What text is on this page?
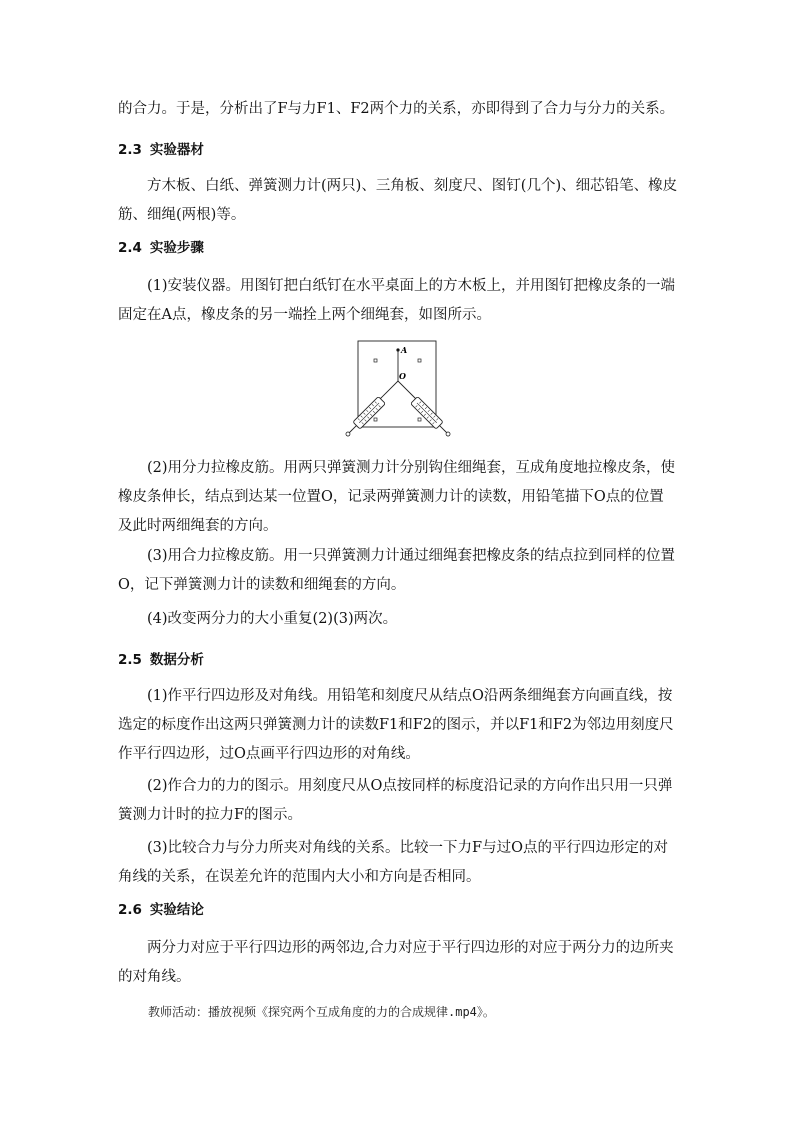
的合力。于是，分析出了F与力F1、F2两个力的关系，亦即得到了合力与分力的关系。

2.3 实验器材

方木板、白纸、弹簧测力计(两只)、三角板、刻度尺、图钉(几个)、细芯铅笔、橡皮筋、细绳(两根)等。

2.4 实验步骤

(1)安装仪器。用图钉把白纸钉在水平桌面上的方木板上，并用图钉把橡皮条的一端固定在A点，橡皮条的另一端拴上两个细绳套，如图所示。

A
O

(2)用分力拉橡皮筋。用两只弹簧测力计分别钩住细绳套，互成角度地拉橡皮条，使橡皮条伸长，结点到达某一位置O，记录两弹簧测力计的读数，用铅笔描下O点的位置及此时两细绳套的方向。

(3)用合力拉橡皮筋。用一只弹簧测力计通过细绳套把橡皮条的结点拉到同样的位置O，记下弹簧测力计的读数和细绳套的方向。

(4)改变两分力的大小重复(2)(3)两次。

2.5 数据分析

(1)作平行四边形及对角线。用铅笔和刻度尺从结点O沿两条细绳套方向画直线，按选定的标度作出这两只弹簧测力计的读数F1和F2的图示，并以F1和F2为邻边用刻度尺作平行四边形，过O点画平行四边形的对角线。

(2)作合力的力的图示。用刻度尺从O点按同样的标度沿记录的方向作出只用一只弹簧测力计时的拉力F的图示。

(3)比较合力与分力所夹对角线的关系。比较一下力F与过O点的平行四边形定的对角线的关系，在误差允许的范围内大小和方向是否相同。

2.6 实验结论

两分力对应于平行四边形的两邻边,合力对应于平行四边形的对应于两分力的边所夹的对角线。

教师活动：播放视频《探究两个互成角度的力的合成规律.mp4》。
